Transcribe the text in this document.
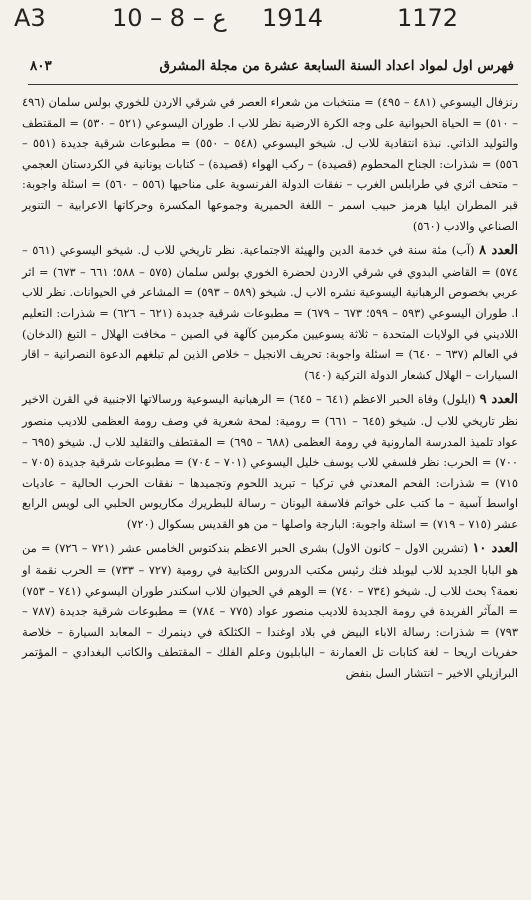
A3	10 – 8 – ع 1914	1172
فهرس اول لمواد اعداد السنة السابعة عشرة من مجلة المشرق
٨٠٣

رنزفال اليسوعي (٤٨١ – ٤٩٥) = منتخبات من شعراء العصر في شرقي الاردن للخوري بولس سلمان (٤٩٦ – ٥١٠) = الحياة الحيوانية على وجه الكرة الارضية نظر للاب ا. طوران اليسوعي (٥٢١ – ٥٣٠) = المقتطف والتوليد الذاتي. نبذة انتقادية للاب ل. شيخو اليسوعي (٥٤٨ – ٥٥٠) = مطبوعات شرقية جديدة (٥٥١ – ٥٥٦) = شذرات: الجناح المحطوم (قصيدة) – ركب الهواء (قصيدة) – كتابات يونانية في الكردستان العجمي – متحف اثري في طرابلس الغرب – نفقات الدولة الفرنسوية على مناحيها (٥٥٦ – ٥٦٠) = اسئلة واجوبة: قبر المطران ايليا هرمز حبيب اسمر – اللغة الحميرية وجموعها المكسرة وحركاتها الاعرابية – التنوير الصناعي والادب (٥٦٠)

العدد ٨ (آب) مئة سنة في خدمة الدين والهيئة الاجتماعية. نظر تاريخي للاب ل. شيخو اليسوعي (٥٦١ – ٥٧٤) = القاضي البدوي في شرقي الاردن لحضرة الخوري بولس سلمان (٥٧٥ – ٥٨٨؛ ٦٦١ – ٦٧٣) = اثر عربي بخصوص الرهبانية اليسوعية نشره الاب ل. شيخو (٥٨٩ – ٥٩٣) = المشاعر في الحيوانات. نظر للاب ا. طوران اليسوعي (٥٩٣ – ٥٩٩؛ ٦٧٣ – ٦٧٩) = مطبوعات شرقية جديدة (٦٢١ – ٦٢٦) = شذرات: التعليم اللاديني في الولايات المتحدة – ثلاثة يسوعيين مكرمين كآلهة في الصين – مخافت الهلال – التبغ (الدخان) في العالم (٦٣٧ – ٦٤٠) = اسئلة واجوبة: تحريف الانجيل – خلاص الذين لم تبلغهم الدعوة النصرانية – اقار السيارات – الهلال كشعار الدولة التركية (٦٤٠)

العدد ٩ (ايلول) وفاة الحبر الاعظم (٦٤١ – ٦٤٥) = الرهبانية اليسوعية ورسالاتها الاجنبية في القرن الاخير نظر تاريخي للاب ل. شيخو (٦٤٥ – ٦٦١) = رومية: لمحة شعرية في وصف رومة العظمى للاديب منصور عواد تلميذ المدرسة المارونية في رومة العظمى (٦٨٨ – ٦٩٥) = المقتطف والتقليد للاب ل. شيخو (٦٩٥ – ٧٠٠) = الحرب: نظر فلسفي للاب يوسف خليل اليسوعي (٧٠١ – ٧٠٤) = مطبوعات شرقية جديدة (٧٠٥ – ٧١٥) = شذرات: الفحم المعدني في تركيا – تبريد اللحوم وتجميدها – نفقات الحرب الحالية – عاديات اواسط آسية – ما كتب على خواتم فلاسفة اليونان – رسالة للبطريرك مكاريوس الحلبي الى لويس الرابع عشر (٧١٥ – ٧١٩) = اسئلة واجوبة: البارجة واصلها – من هو القديس بسكوال (٧٢٠)

العدد ١٠ (تشرين الاول – كانون الاول) بشرى الحبر الاعظم بندكتوس الخامس عشر (٧٢١ – ٧٢٦) = من هو البابا الجديد للاب ليوبلد فنك رئيس مكتب الدروس الكتابية في رومية (٧٢٧ – ٧٣٣) = الحرب نقمة او نعمة؟ بحث للاب ل. شيخو (٧٣٤ – ٧٤٠) = الوهم في الحيوان للاب اسكندر طوران اليسوعي (٧٤١ – ٧٥٣) = المآثر الفريدة في رومة الجديدة للاديب منصور عواد (٧٧٥ – ٧٨٤) = مطبوعات شرقية جديدة (٧٨٧ – ٧٩٣) = شذرات: رسالة الاباء البيض في بلاد اوغندا – الكثلكة في دينمرك – المعابد السيارة – خلاصة حفريات اريحا – لغة كتابات تل العمارنة – البابليون وعلم الفلك – المقتطف والكاتب البغدادي – المؤتمر البرازيلي الاخير – انتشار السل بنفض
